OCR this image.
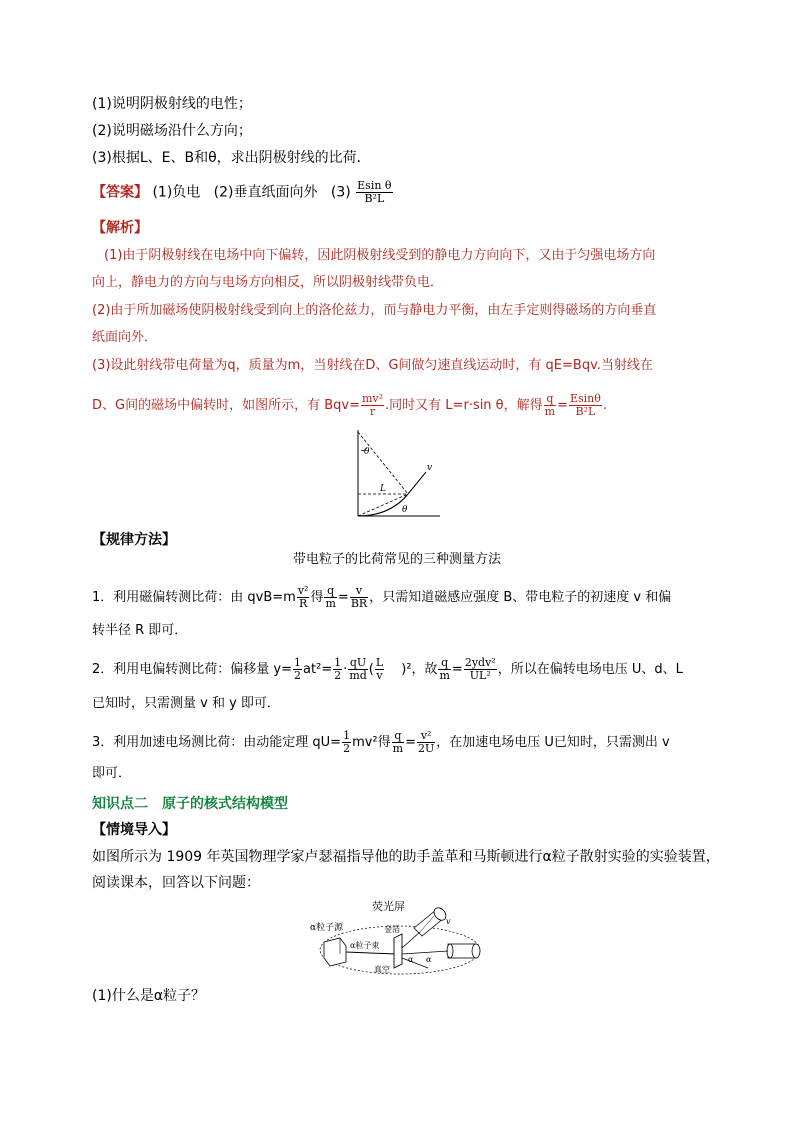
(1)说明阴极射线的电性；
(2)说明磁场沿什么方向；
(3)根据L、E、B和θ，求出阴极射线的比荷．
【答案】 (1)负电 (2)垂直纸面向外 $(3) \frac{\text{Esin θ}}{\text{B²L}}$
【解析】
(1)由于阴极射线在电场中向下偏转，因此阴极射线受到的静电力方向向下，又由于匀强电场方向
向上，静电力的方向与电场方向相反，所以阴极射线带负电．
(2)由于所加磁场使阴极射线受到向上的洛伦兹力，而与静电力平衡，由左手定则得磁场的方向垂直
纸面向外．
(3)设此射线带电荷量为q，质量为m，当射线在D、G间做匀速直线运动时，有 qE=Bqv.当射线在
D、G间的磁场中偏转时，如图所示，有 $Bqv= \frac{\text{mv²}}{r}$ .同时又有 L=r·sin θ，解得 $\frac{q}{m} = \frac{Esin\theta}{\text{B²L}}$ .
θ
v
L
θ
【规律方法】
带电粒子的比荷常见的三种测量方法
1．利用磁偏转测比荷：由 $qvB=m \frac{\text{v²}}{R}$ 得 $\frac{q}{m} = \frac{v}{BR}$ ，只需知道磁感应强度 B、带电粒子的初速度 v 和偏
转半径 R 即可．
2．利用电偏转测比荷：偏移量 $y= \frac{1}{2} at^2= \frac{1}{2} \cdot \frac{qU}{md}$ ( $\frac{L}{v} )^2$，故 $\frac{q}{m} = \frac{\text{2ydv²}}{\text{UL²}}$ ，所以在偏转电场电压 U、d、L
已知时，只需测量 v 和 y 即可．
3．利用加速电场测比荷：由动能定理 $qU= \frac{1}{2} mv^2$得 $\frac{q}{m} = \frac{\text{v²}}{2U}$ ，在加速电场电压 U已知时，只需测出 v
即可．
知识点二　原子的核式结构模型
【情境导入】
如图所示为 1909 年英国物理学家卢瑟福指导他的助手盖革和马斯顿进行α粒子散射实验的实验装置，
阅读课本，回答以下问题：
荧光屏
α粒子源
α粒子束
金箔
真空
v
α α
(1)什么是α粒子？
